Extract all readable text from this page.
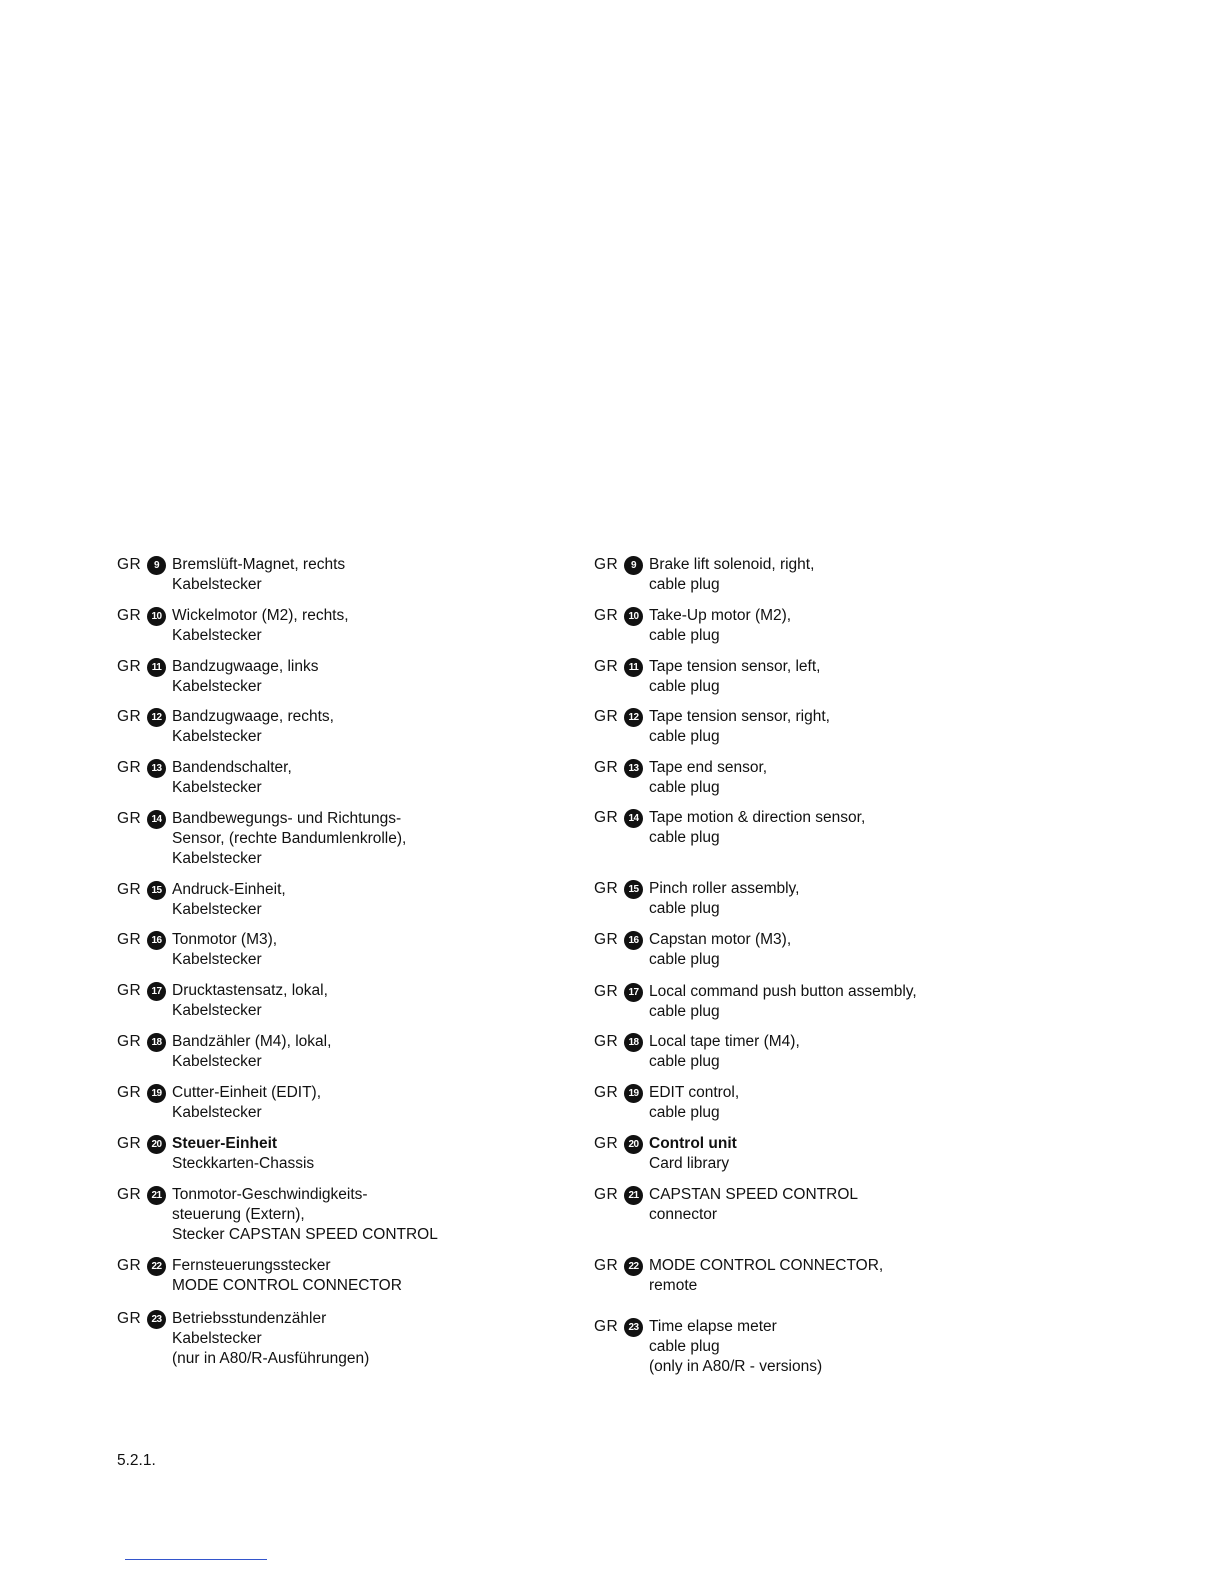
GR	9 Bremslüft-Magnet, rechts
Kabelstecker
GR	10 Wickelmotor (M2), rechts,
Kabelstecker
GR	11 Bandzugwaage, links
Kabelstecker
GR	12 Bandzugwaage, rechts,
Kabelstecker
GR	13 Bandendschalter,
Kabelstecker
GR	14 Bandbewegungs- und Richtungs-
Sensor, (rechte Bandumlenkrolle),
Kabelstecker
GR	15 Andruck-Einheit,
Kabelstecker
GR	16 Tonmotor (M3),
Kabelstecker
GR	17 Drucktastensatz, lokal,
Kabelstecker
GR	18 Bandzähler (M4), lokal,
Kabelstecker
GR	19 Cutter-Einheit (EDIT),
Kabelstecker
GR	20 Steuer-Einheit
Steckkarten-Chassis
GR	21 Tonmotor-Geschwindigkeits-
steuerung (Extern),
Stecker CAPSTAN SPEED CONTROL
GR	22 Fernsteuerungsstecker
MODE CONTROL CONNECTOR
GR	23 Betriebsstundenzähler
Kabelstecker
(nur in A80/R-Ausführungen)
GR	9 Brake lift solenoid, right,
cable plug
GR	10 Take-Up motor (M2),
cable plug
GR	11 Tape tension sensor, left,
cable plug
GR	12 Tape tension sensor, right,
cable plug
GR	13 Tape end sensor,
cable plug
GR	14 Tape motion & direction sensor,
cable plug
GR	15 Pinch roller assembly,
cable plug
GR	16 Capstan motor (M3),
cable plug
GR	17 Local command push button assembly,
cable plug
GR	18 Local tape timer (M4),
cable plug
GR	19 EDIT control,
cable plug
GR	20 Control unit
Card library
GR	21 CAPSTAN SPEED CONTROL
connector
GR	22 MODE CONTROL CONNECTOR,
remote
GR	23 Time elapse meter
cable plug
(only in A80/R - versions)
5.2.1.
